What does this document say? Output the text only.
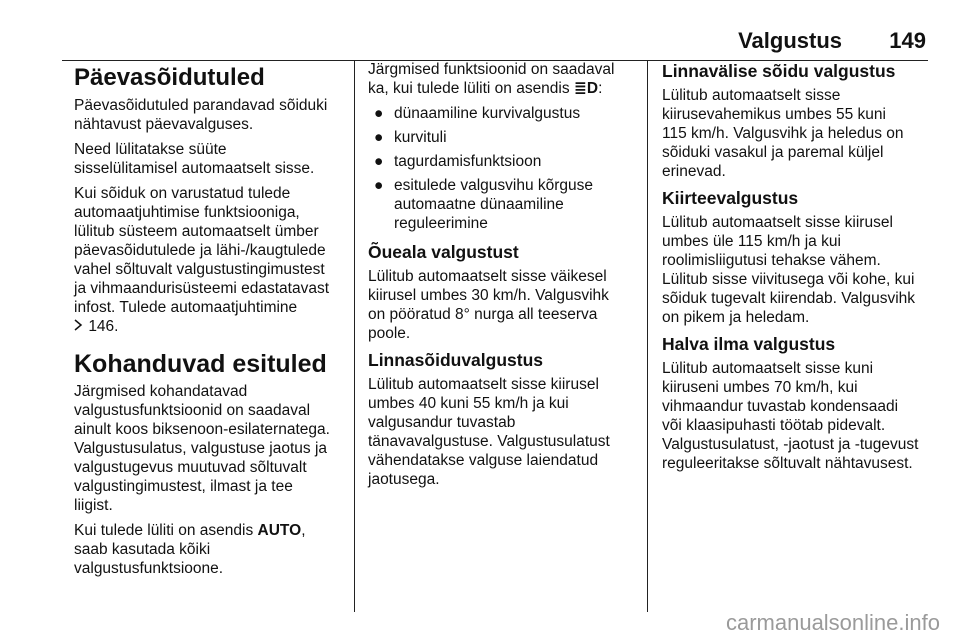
Valgustus 149
Päevasõidutuled

Päevasõidutuled parandavad sõiduki
nähtavust päevavalguses.

Need lülitatakse süüte
sisselülitamisel automaatselt sisse.

Kui sõiduk on varustatud tulede
automaatjuhtimise funktsiooniga,
lülitub süsteem automaatselt ümber
päevasõidutulede ja lähi-/kaugtulede
vahel sõltuvalt valgustustingimustest
ja vihmaandurisüsteemi edastatavast
infost. Tulede automaatjuhtimine
146.

Kohanduvad esituled

Järgmised kohandatavad
valgustusfunktsioonid on saadaval
ainult koos biksenoon-esilaternatega.
Valgustusulatus, valgustuse jaotus ja
valgustugevus muutuvad sõltuvalt
valgustingimustest, ilmast ja tee
liigist.

Kui tulede lüliti on asendis AUTO,
saab kasutada kõiki
valgustusfunktsioone.

Järgmised funktsioonid on saadaval
ka, kui tulede lüliti on asendis ≣D:

● dünaamiline kurvivalgustus
● kurvituli
● tagurdamisfunktsioon
● esitulede valgusvihu kõrguse
automaatne dünaamiline
reguleerimine
Õueala valgustust

Lülitub automaatselt sisse väikesel
kiirusel umbes 30 km/h. Valgusvihk
on pööratud 8° nurga all teeserva
poole.

Linnasõiduvalgustus

Lülitub automaatselt sisse kiirusel
umbes 40 kuni 55 km/h ja kui
valgusandur tuvastab
tänavavalgustuse. Valgustusulatust
vähendatakse valguse laiendatud
jaotusega.

Linnavälise sõidu valgustus

Lülitub automaatselt sisse
kiirusevahemikus umbes 55 kuni
115 km/h. Valgusvihk ja heledus on
sõiduki vasakul ja paremal küljel
erinevad.

Kiirteevalgustus

Lülitub automaatselt sisse kiirusel
umbes üle 115 km/h ja kui
roolimisliigutusi tehakse vähem.
Lülitub sisse viivitusega või kohe, kui
sõiduk tugevalt kiirendab. Valgusvihk
on pikem ja heledam.

Halva ilma valgustus

Lülitub automaatselt sisse kuni
kiiruseni umbes 70 km/h, kui
vihmaandur tuvastab kondensaadi
või klaasipuhasti töötab pidevalt.
Valgustusulatust, -jaotust ja -tugevust
reguleeritakse sõltuvalt nähtavusest.

carmanualsonline.info
